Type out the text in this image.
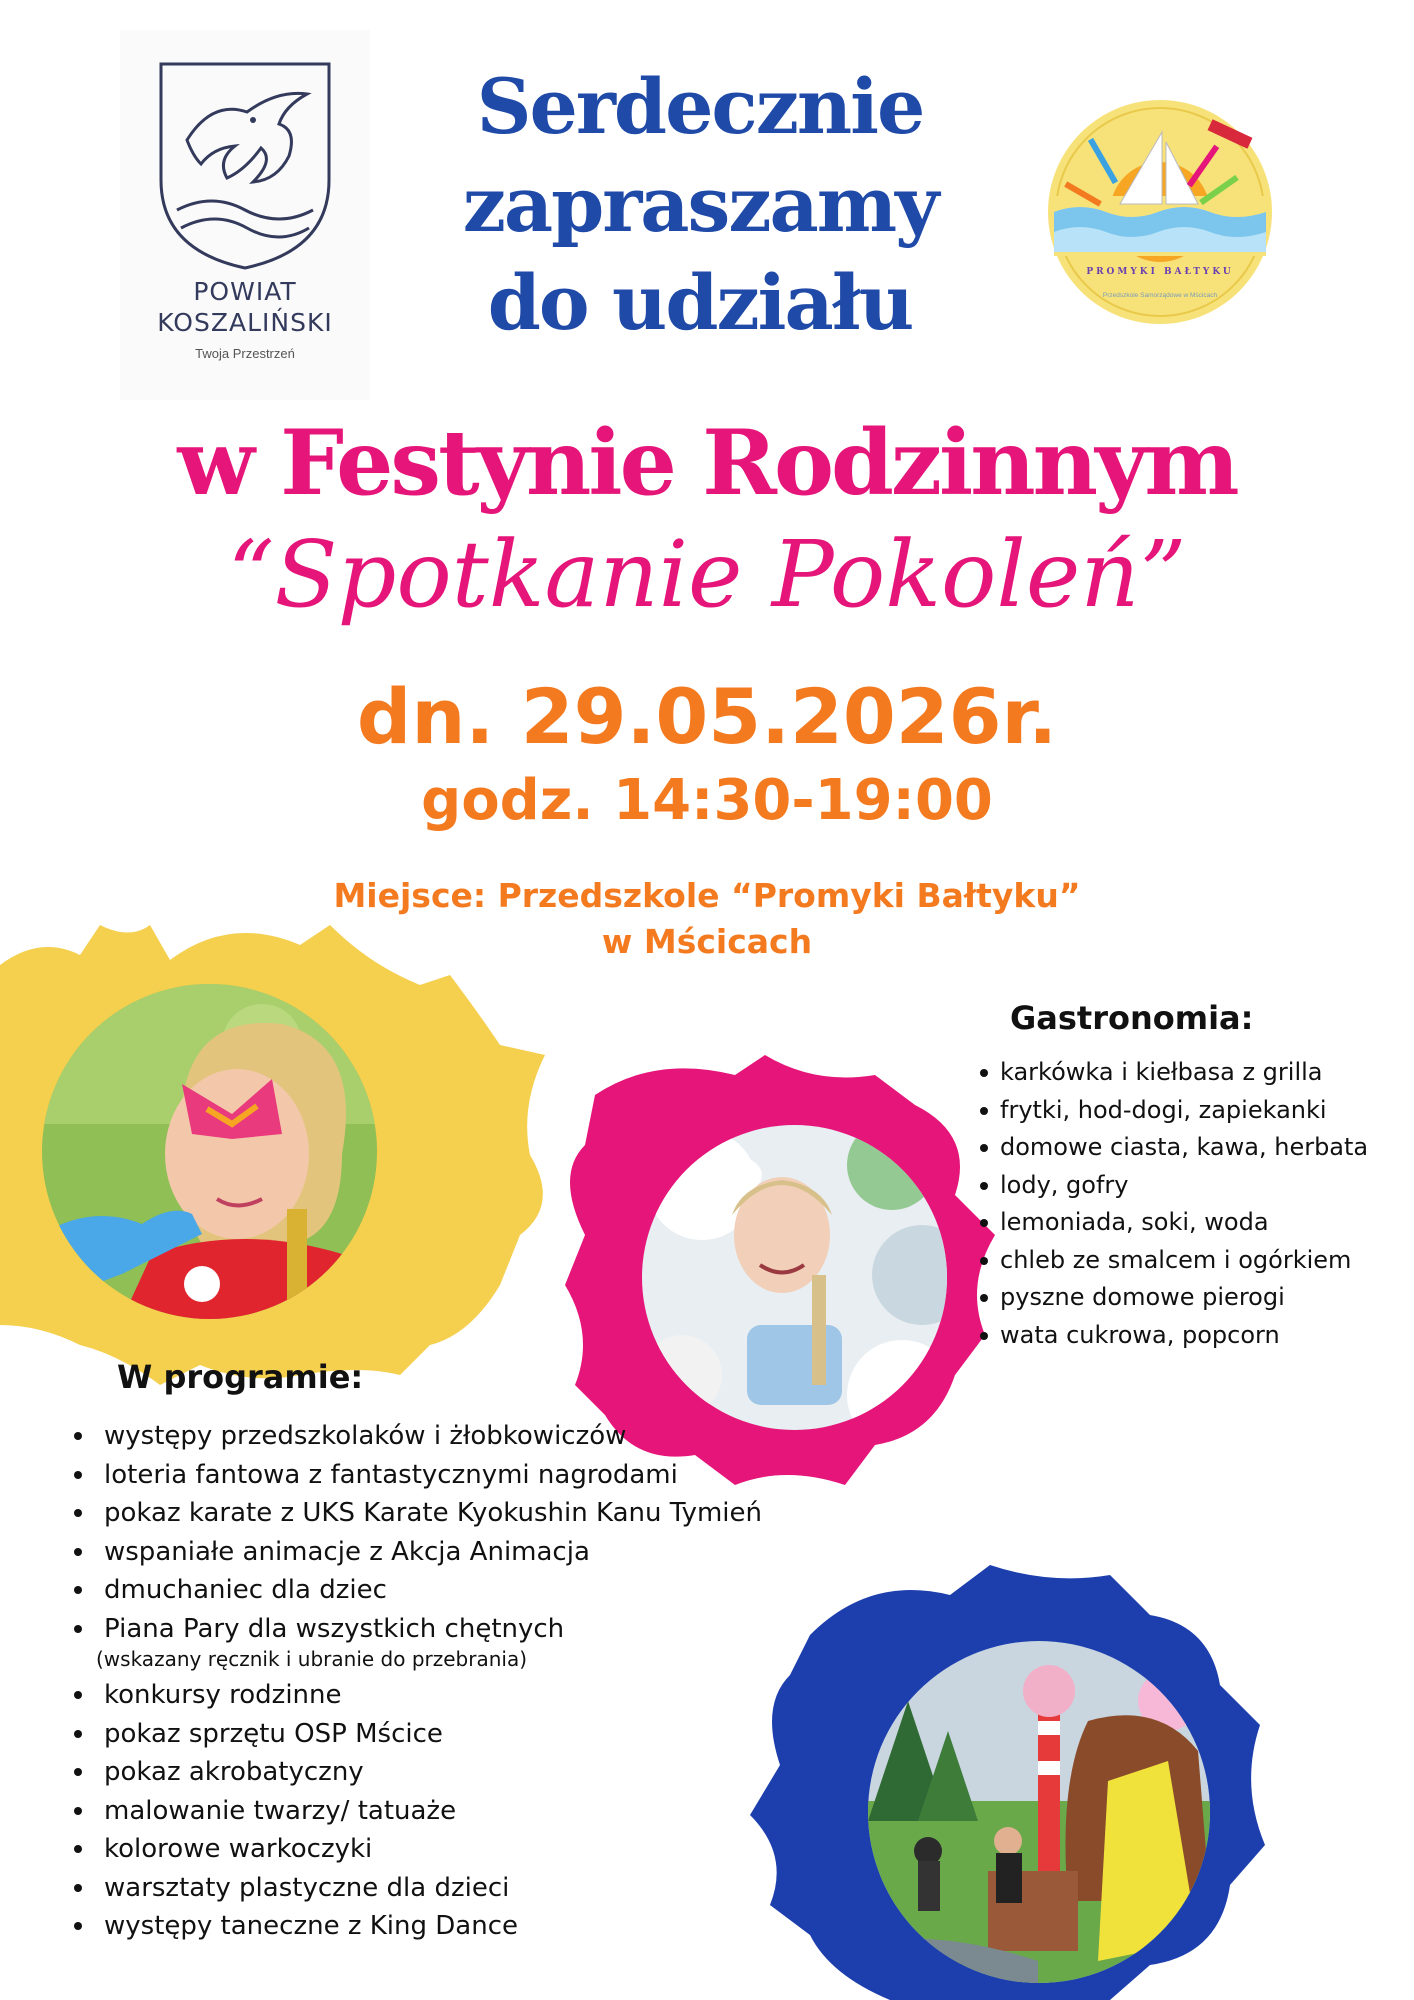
POWIAT
KOSZALIŃSKI
Twoja Przestrzeń
Serdecznie
zapraszamy
do udziału	PROMYKI BAŁTYKU
Przedszkole Samorządowe w Mścicach
w Festynie Rodzinnym
“Spotkanie Pokoleń”
dn. 29.05.2026r.
godz. 14:30-19:00
Miejsce: Przedszkole “Promyki Bałtyku”
w Mścicach
Gastronomia:
karkówka i kiełbasa z grilla
frytki, hod-dogi, zapiekanki
domowe ciasta, kawa, herbata
lody, gofry
lemoniada, soki, woda
chleb ze smalcem i ogórkiem
pyszne domowe pierogi
wata cukrowa, popcorn
W programie:
występy przedszkolaków i żłobkowiczów
loteria fantowa z fantastycznymi nagrodami
pokaz karate z UKS Karate Kyokushin Kanu Tymień
wspaniałe animacje z Akcja Animacja
dmuchaniec dla dziec
Piana Pary dla wszystkich chętnych
(wskazany ręcznik i ubranie do przebrania)
konkursy rodzinne
pokaz sprzętu OSP Mścice
pokaz akrobatyczny
malowanie twarzy/ tatuaże
kolorowe warkoczyki
warsztaty plastyczne dla dzieci
występy taneczne z King Dance
